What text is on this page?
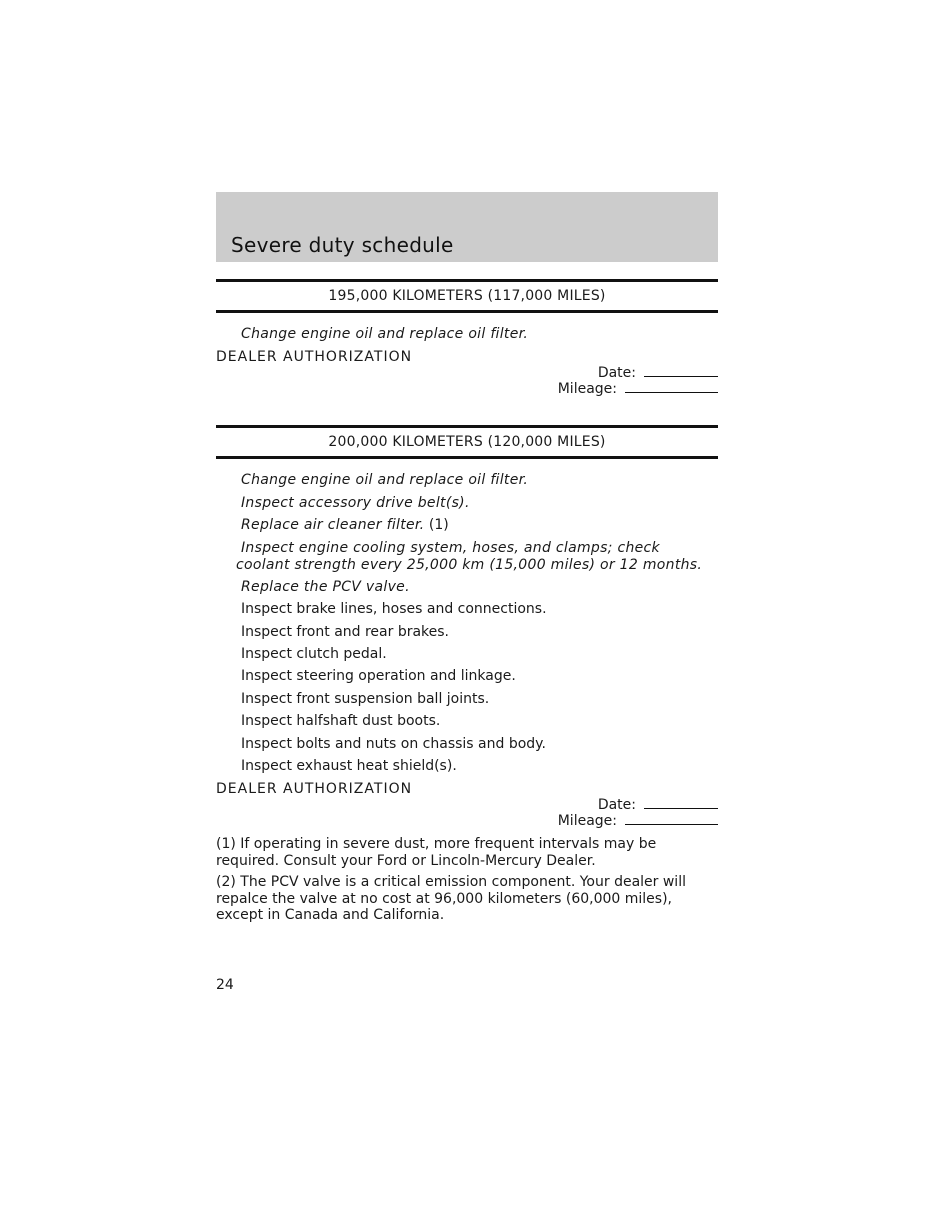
Severe duty schedule
195,000 KILOMETERS (117,000 MILES)
Change engine oil and replace oil filter.
DEALER AUTHORIZATION
Date:
Mileage:
200,000 KILOMETERS (120,000 MILES)
Change engine oil and replace oil filter.
Inspect accessory drive belt(s).
Replace air cleaner filter. (1)
Inspect engine cooling system, hoses, and clamps; check coolant strength every 25,000 km (15,000 miles) or 12 months.
Replace the PCV valve.
Inspect brake lines, hoses and connections.
Inspect front and rear brakes.
Inspect clutch pedal.
Inspect steering operation and linkage.
Inspect front suspension ball joints.
Inspect halfshaft dust boots.
Inspect bolts and nuts on chassis and body.
Inspect exhaust heat shield(s).
DEALER AUTHORIZATION
Date:
Mileage:
(1) If operating in severe dust, more frequent intervals may be required. Consult your Ford or Lincoln-Mercury Dealer.
(2) The PCV valve is a critical emission component. Your dealer will repalce the valve at no cost at 96,000 kilometers (60,000 miles), except in Canada and California.
24
